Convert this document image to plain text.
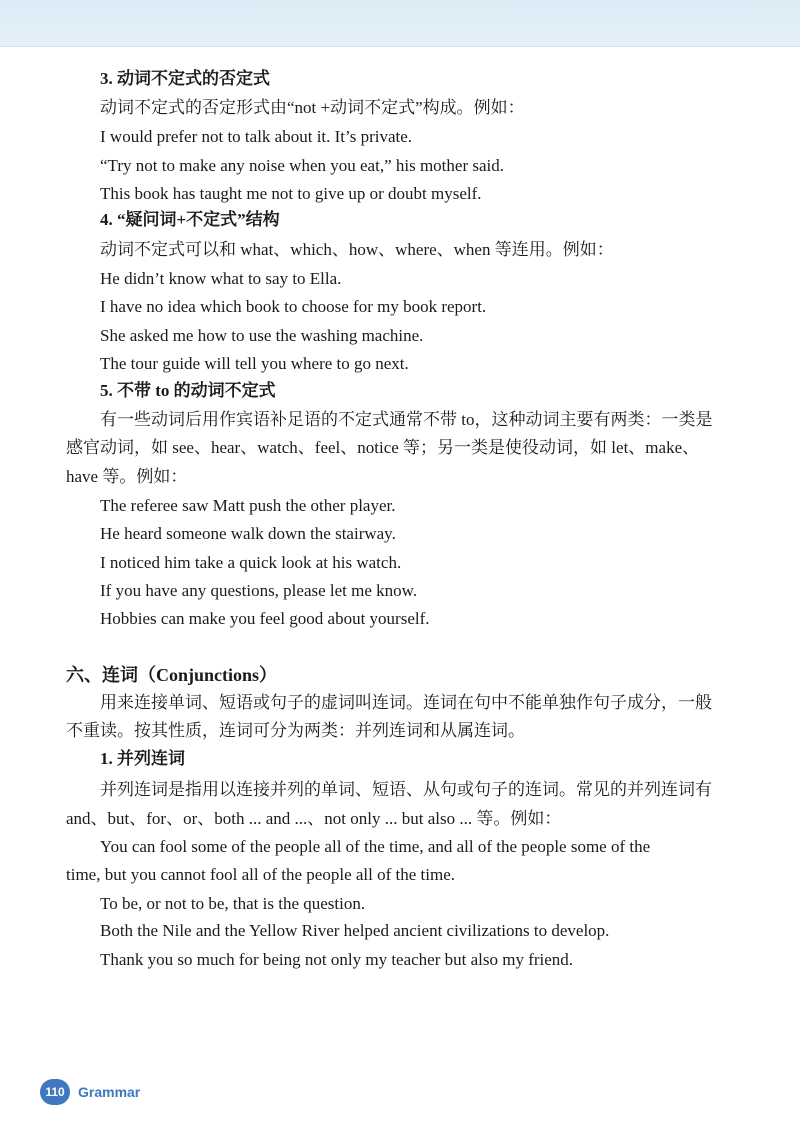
3. 动词不定式的否定式
动词不定式的否定形式由“not +动词不定式”构成。例如：
I would prefer not to talk about it. It’s private.
“Try not to make any noise when you eat,” his mother said.
This book has taught me not to give up or doubt myself.
4. “疑问词+不定式”结构
动词不定式可以和 what、which、how、where、when 等连用。例如：
He didn’t know what to say to Ella.
I have no idea which book to choose for my book report.
She asked me how to use the washing machine.
The tour guide will tell you where to go next.
5. 不带 to 的动词不定式
有一些动词后用作宾语补足语的不定式通常不带 to，这种动词主要有两类：一类是
感官动词，如 see、hear、watch、feel、notice 等；另一类是使役动词，如 let、make、
have 等。例如：
The referee saw Matt push the other player.
He heard someone walk down the stairway.
I noticed him take a quick look at his watch.
If you have any questions, please let me know.
Hobbies can make you feel good about yourself.
六、连词（Conjunctions）
用来连接单词、短语或句子的虚词叫连词。连词在句中不能单独作句子成分，一般
不重读。按其性质，连词可分为两类：并列连词和从属连词。
1. 并列连词
并列连词是指用以连接并列的单词、短语、从句或句子的连词。常见的并列连词有
and、but、for、or、both ... and ...、not only ... but also ... 等。例如：
You can fool some of the people all of the time, and all of the people some of the
time, but you cannot fool all of the people all of the time.
To be, or not to be, that is the question.
Both the Nile and the Yellow River helped ancient civilizations to develop.
Thank you so much for being not only my teacher but also my friend.
110 Grammar
